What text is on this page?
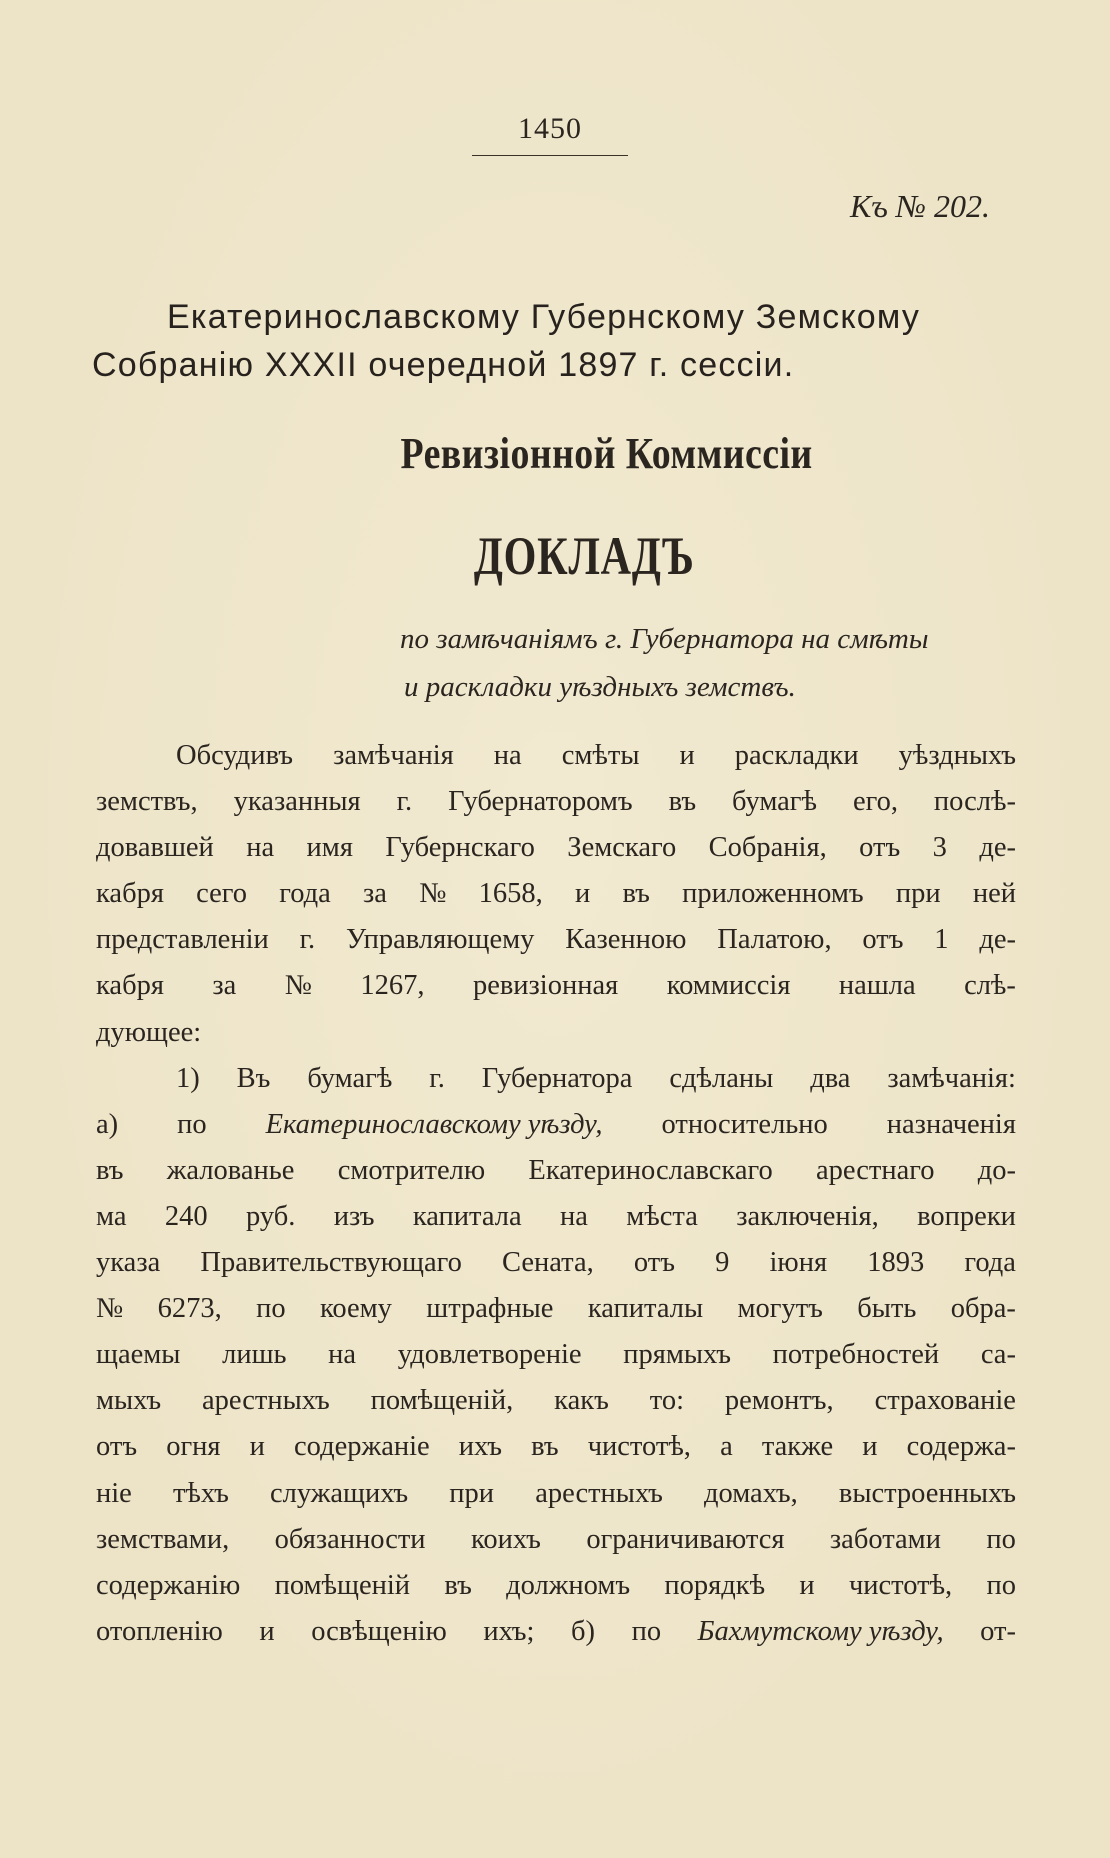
1450
Къ № 202.
Екатеринославскому Губернскому Земскому
Собранію XXXII очередной 1897 г. сессіи.
Ревизіонной Коммиссіи
ДОКЛАДЪ
по замѣчаніямъ г. Губернатора на смѣты
и раскладки уѣздныхъ земствъ.
Обсудивъ замѣчанія на смѣты и раскладки уѣздныхъ
земствъ, указанныя г. Губернаторомъ въ бумагѣ его, послѣ-
довавшей на имя Губернскаго Земскаго Собранія, отъ 3 де-
кабря сего года за № 1658, и въ приложенномъ при ней
представленіи г. Управляющему Казенною Палатою, отъ 1 де-
кабря за № 1267, ревизіонная коммиссія нашла слѣ-
дующее:
1) Въ бумагѣ г. Губернатора сдѣланы два замѣчанія:
а) по Екатеринославскому уѣзду, относительно назначенія
въ жалованье смотрителю Екатеринославскаго арестнаго до-
ма 240 руб. изъ капитала на мѣста заключенія, вопреки
указа Правительствующаго Сената, отъ 9 іюня 1893 года
№ 6273, по коему штрафные капиталы могутъ быть обра-
щаемы лишь на удовлетвореніе прямыхъ потребностей са-
мыхъ арестныхъ помѣщеній, какъ то: ремонтъ, страхованіе
отъ огня и содержаніе ихъ въ чистотѣ, а также и содержа-
ніе тѣхъ служащихъ при арестныхъ домахъ, выстроенныхъ
земствами, обязанности коихъ ограничиваются заботами по
содержанію помѣщеній въ должномъ порядкѣ и чистотѣ, по
отопленію и освѣщенію ихъ; б) по Бахмутскому уѣзду, от-
